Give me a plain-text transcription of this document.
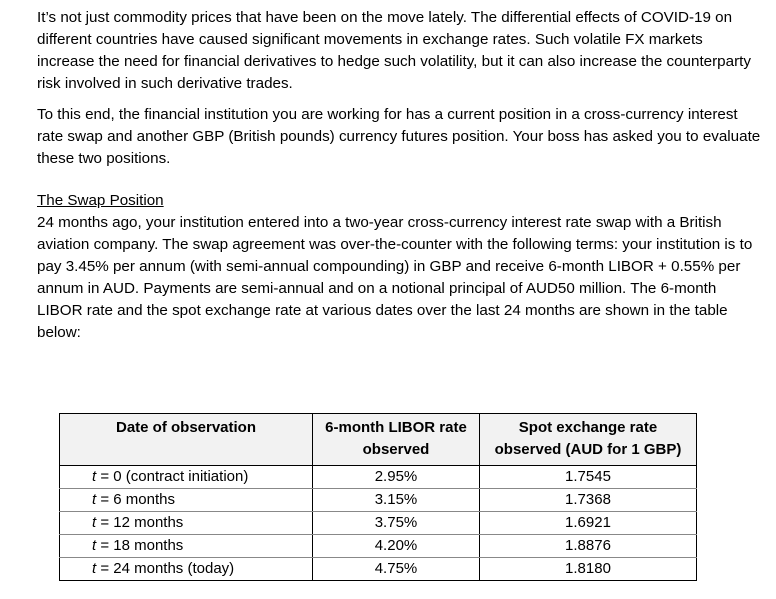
It’s not just commodity prices that have been on the move lately. The differential effects of COVID-19 on different countries have caused significant movements in exchange rates. Such volatile FX markets increase the need for financial derivatives to hedge such volatility, but it can also increase the counterparty risk involved in such derivative trades.

To this end, the financial institution you are working for has a current position in a cross-currency interest rate swap and another GBP (British pounds) currency futures position. Your boss has asked you to evaluate these two positions.

The Swap Position

24 months ago, your institution entered into a two-year cross-currency interest rate swap with a British aviation company. The swap agreement was over-the-counter with the following terms: your institution is to pay 3.45% per annum (with semi-annual compounding) in GBP and receive 6-month LIBOR + 0.55% per annum in AUD. Payments are semi-annual and on a notional principal of AUD50 million. The 6-month LIBOR rate and the spot exchange rate at various dates over the last 24 months are shown in the table below:

Date of observation	6-month LIBOR rate observed	Spot exchange rate observed (AUD for 1 GBP)
t = 0 (contract initiation)	2.95%	1.7545
t = 6 months	3.15%	1.7368
t = 12 months	3.75%	1.6921
t = 18 months	4.20%	1.8876
t = 24 months (today)	4.75%	1.8180
